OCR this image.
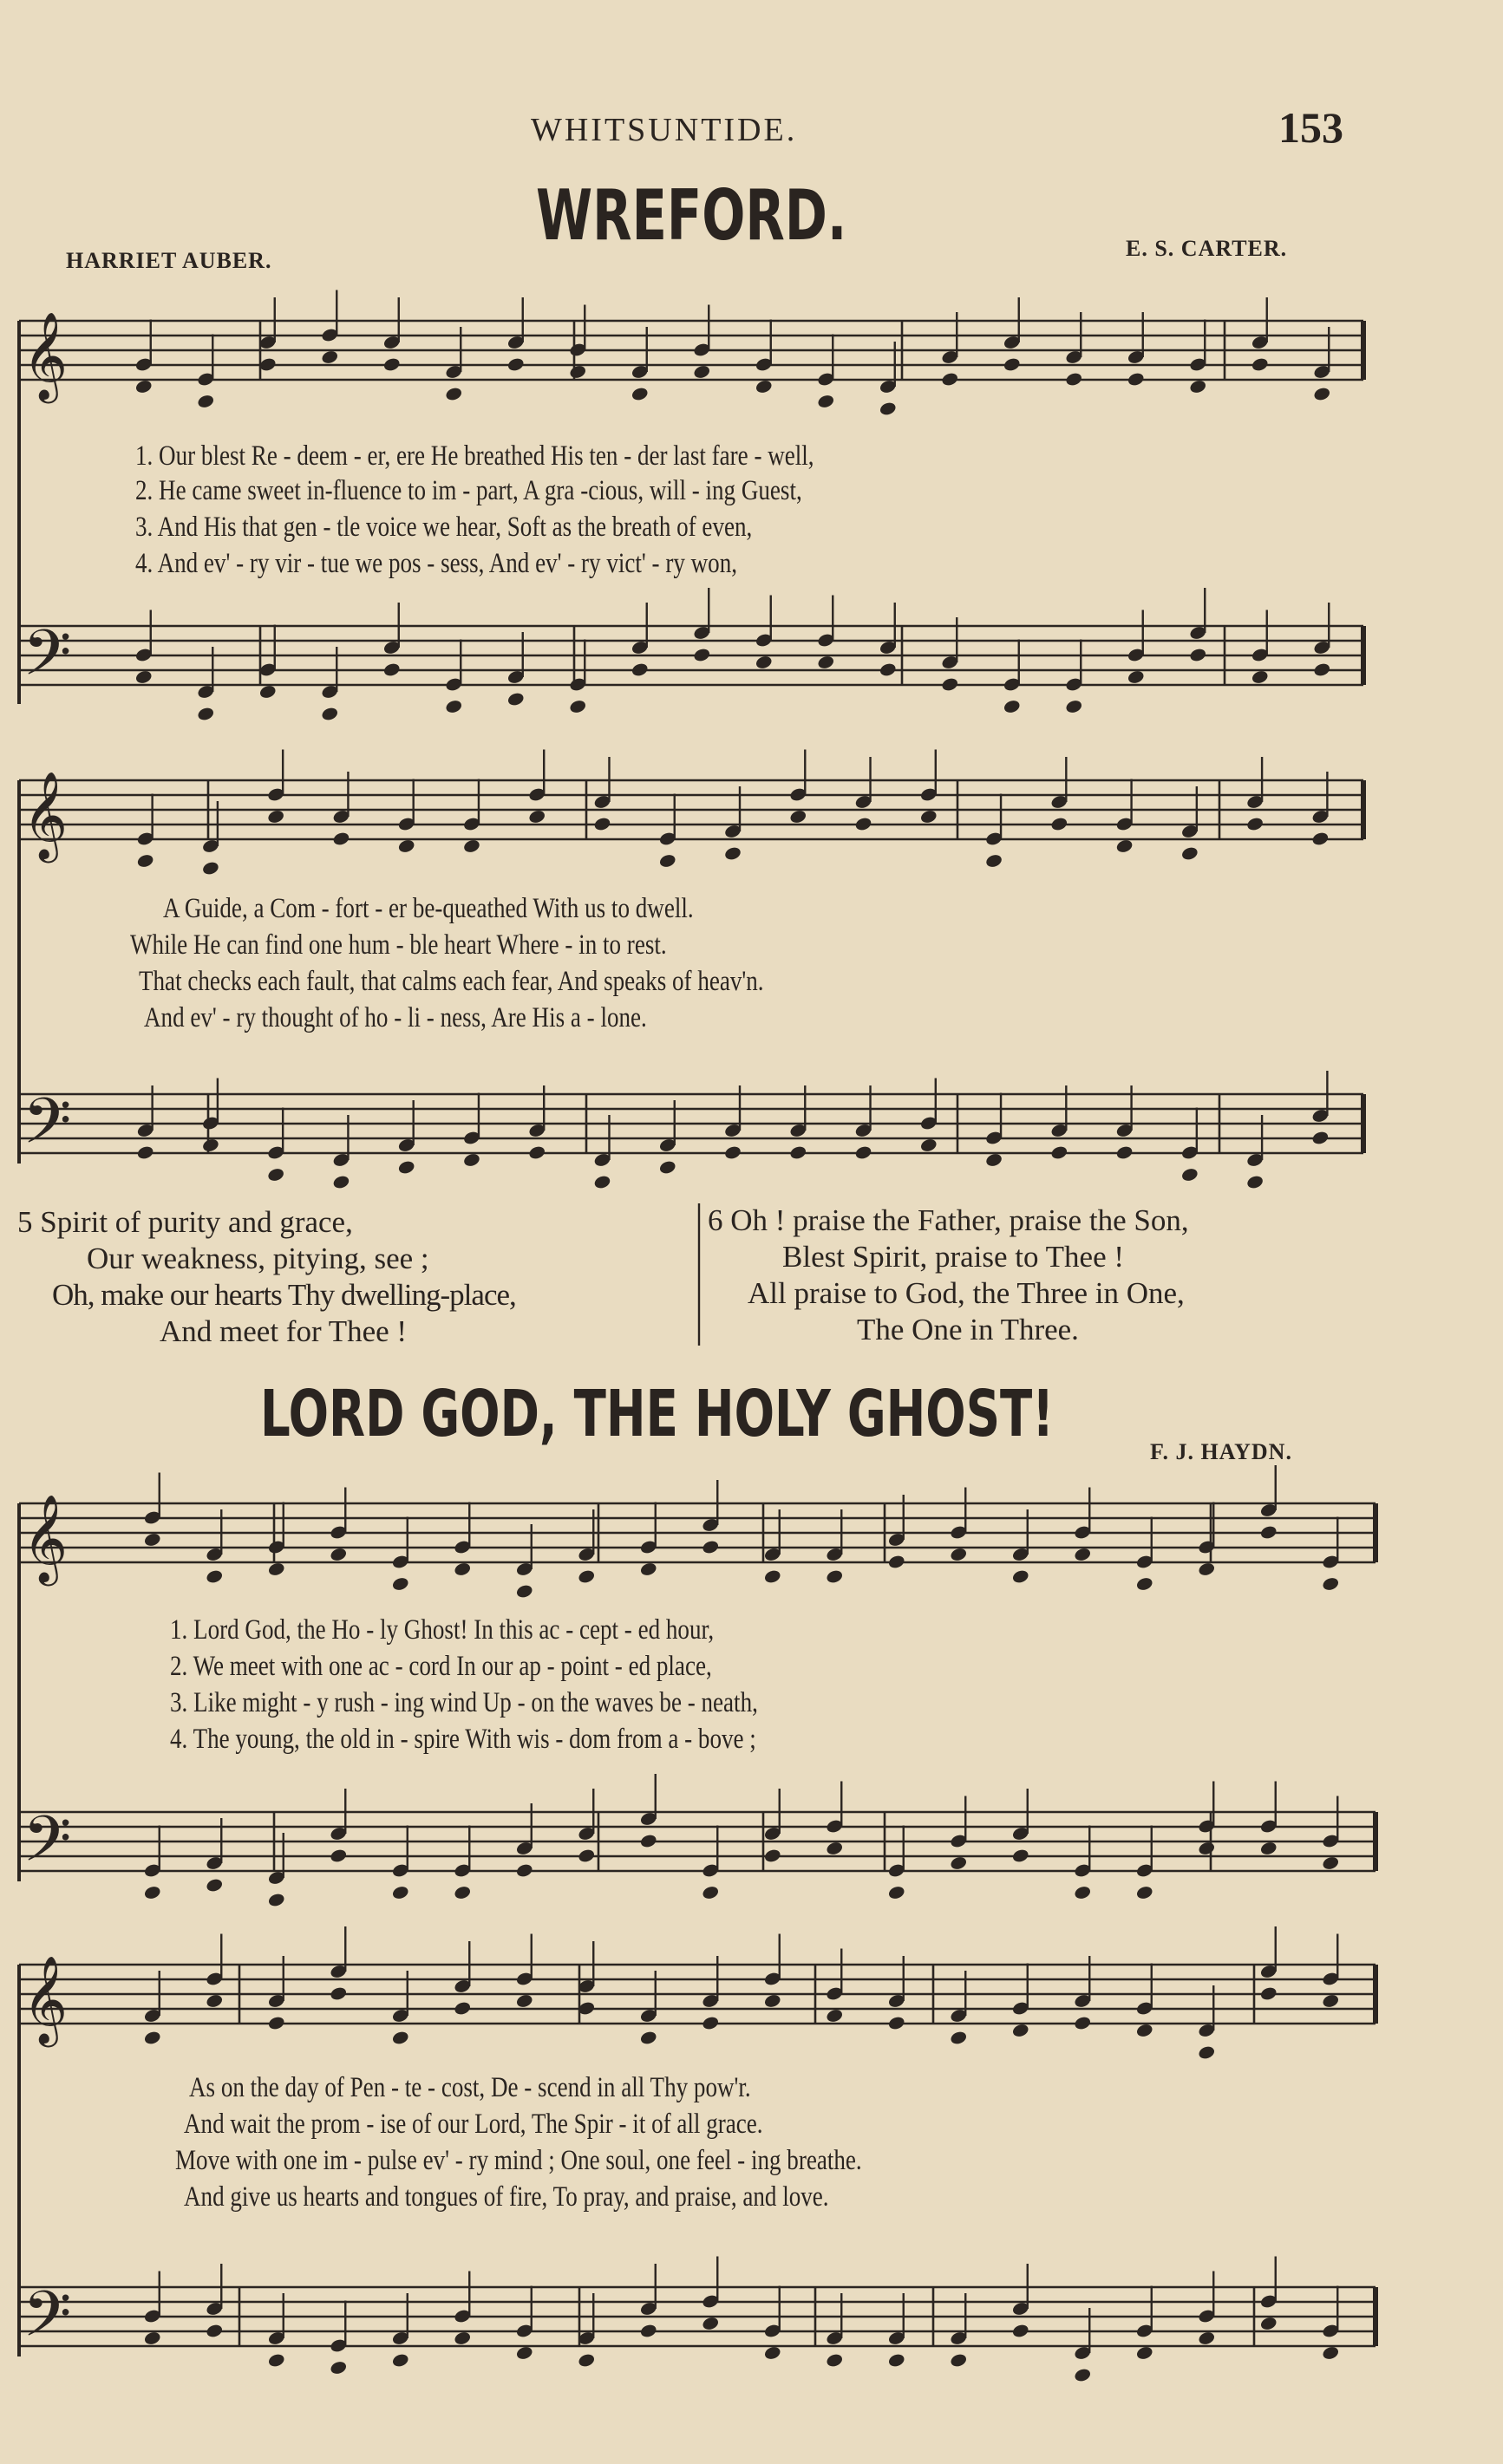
𝄞
𝄢
𝄞
𝄢
𝄞
𝄢
𝄞
𝄢
WHITSUNTIDE.	153
WREFORD.
HARRIET AUBER.	E. S. CARTER.
1. Our blest Re - deem - er, ere He breathed His ten - der last fare - well,
2. He came sweet in-fluence to im - part, A gra -cious, will - ing Guest,
3. And His that gen - tle voice we hear, Soft as the breath of even,
4. And ev' - ry vir - tue we pos - sess, And ev' - ry vict' - ry won,
A Guide, a Com - fort - er be-queathed With us to dwell.
While He can find one hum - ble heart Where - in to rest.
That checks each fault, that calms each fear, And speaks of heav'n.
And ev' - ry thought of ho - li - ness, Are His a - lone.
5 Spirit of purity and grace,
Our weakness, pitying, see ;
Oh, make our hearts Thy dwelling-place,
And meet for Thee !
6 Oh ! praise the Father, praise the Son,
Blest Spirit, praise to Thee !
All praise to God, the Three in One,
The One in Three.
LORD GOD, THE HOLY GHOST!
F. J. HAYDN.
1. Lord God, the Ho - ly Ghost! In this ac - cept - ed hour,
2. We meet with one ac - cord In our ap - point - ed place,
3. Like might - y rush - ing wind Up - on the waves be - neath,
4. The young, the old in - spire With wis - dom from a - bove ;
As on the day of Pen - te - cost, De - scend in all Thy pow'r.
And wait the prom - ise of our Lord, The Spir - it of all grace.
Move with one im - pulse ev' - ry mind ; One soul, one feel - ing breathe.
And give us hearts and tongues of fire, To pray, and praise, and love.
